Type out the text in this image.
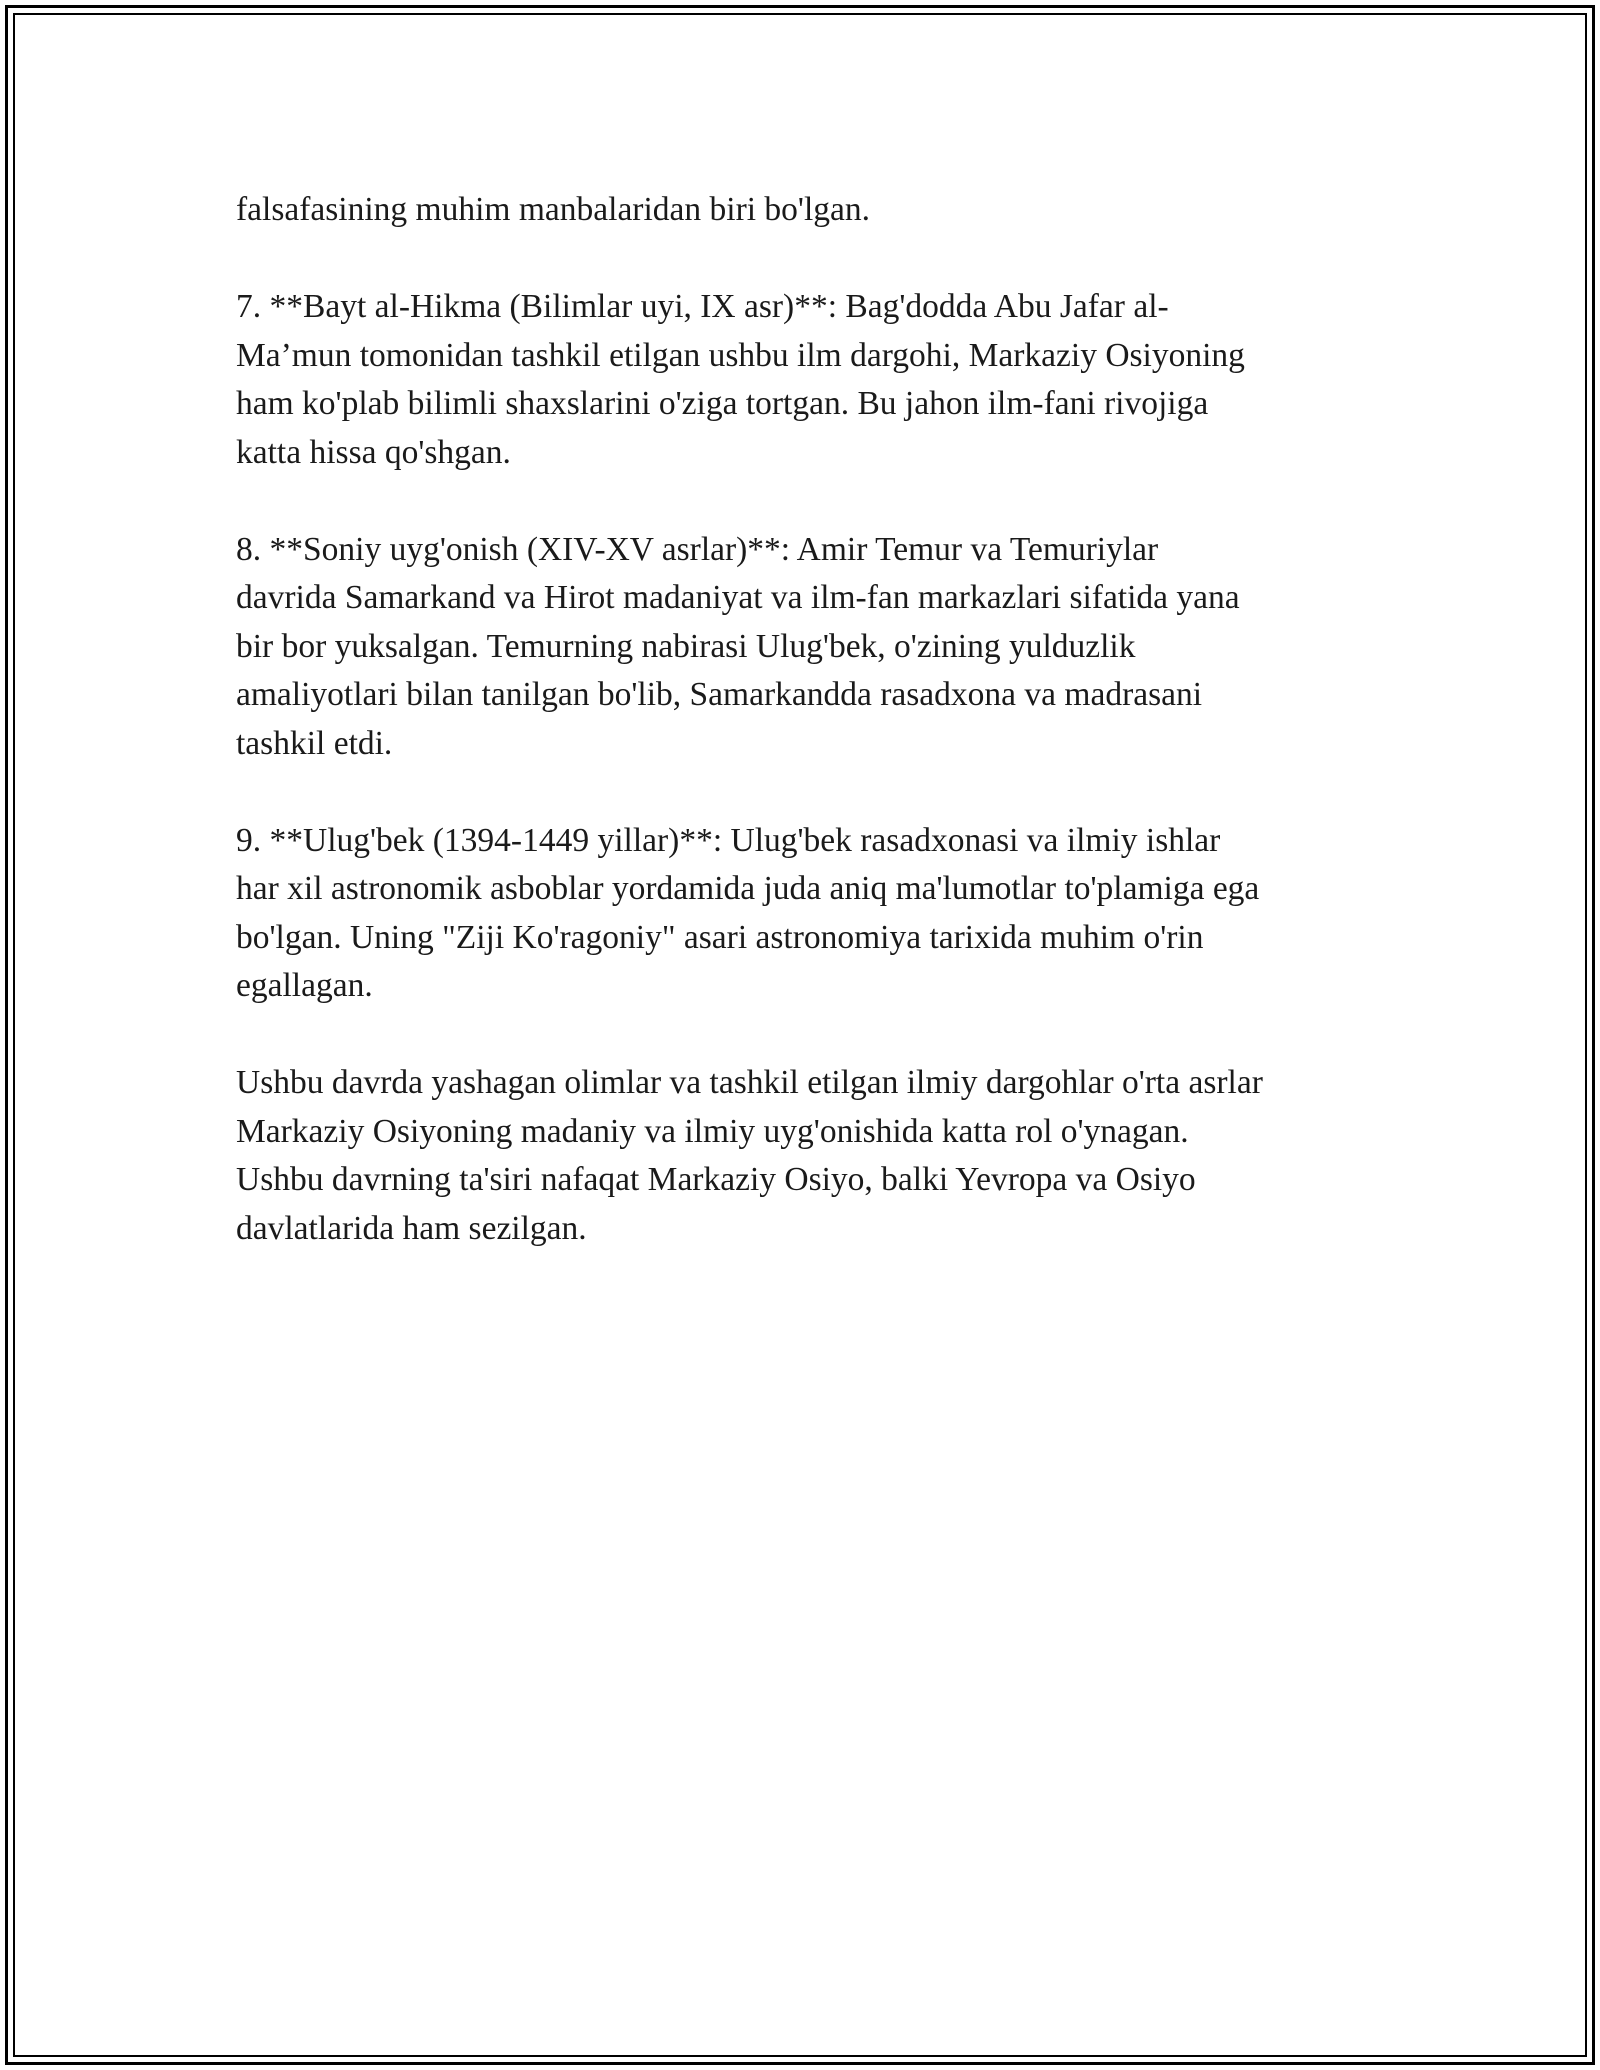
falsafasining muhim manbalaridan biri bo'lgan.

7. **Bayt al-Hikma (Bilimlar uyi, IX asr)**: Bag'dodda Abu Jafar al-
Ma’mun tomonidan tashkil etilgan ushbu ilm dargohi, Markaziy Osiyoning
ham ko'plab bilimli shaxslarini o'ziga tortgan. Bu jahon ilm-fani rivojiga
katta hissa qo'shgan.

8. **Soniy uyg'onish (XIV-XV asrlar)**: Amir Temur va Temuriylar
davrida Samarkand va Hirot madaniyat va ilm-fan markazlari sifatida yana
bir bor yuksalgan. Temurning nabirasi Ulug'bek, o'zining yulduzlik
amaliyotlari bilan tanilgan bo'lib, Samarkandda rasadxona va madrasani
tashkil etdi.

9. **Ulug'bek (1394-1449 yillar)**: Ulug'bek rasadxonasi va ilmiy ishlar
har xil astronomik asboblar yordamida juda aniq ma'lumotlar to'plamiga ega
bo'lgan. Uning "Ziji Ko'ragoniy" asari astronomiya tarixida muhim o'rin
egallagan.

Ushbu davrda yashagan olimlar va tashkil etilgan ilmiy dargohlar o'rta asrlar
Markaziy Osiyoning madaniy va ilmiy uyg'onishida katta rol o'ynagan.
Ushbu davrning ta'siri nafaqat Markaziy Osiyo, balki Yevropa va Osiyo
davlatlarida ham sezilgan.
